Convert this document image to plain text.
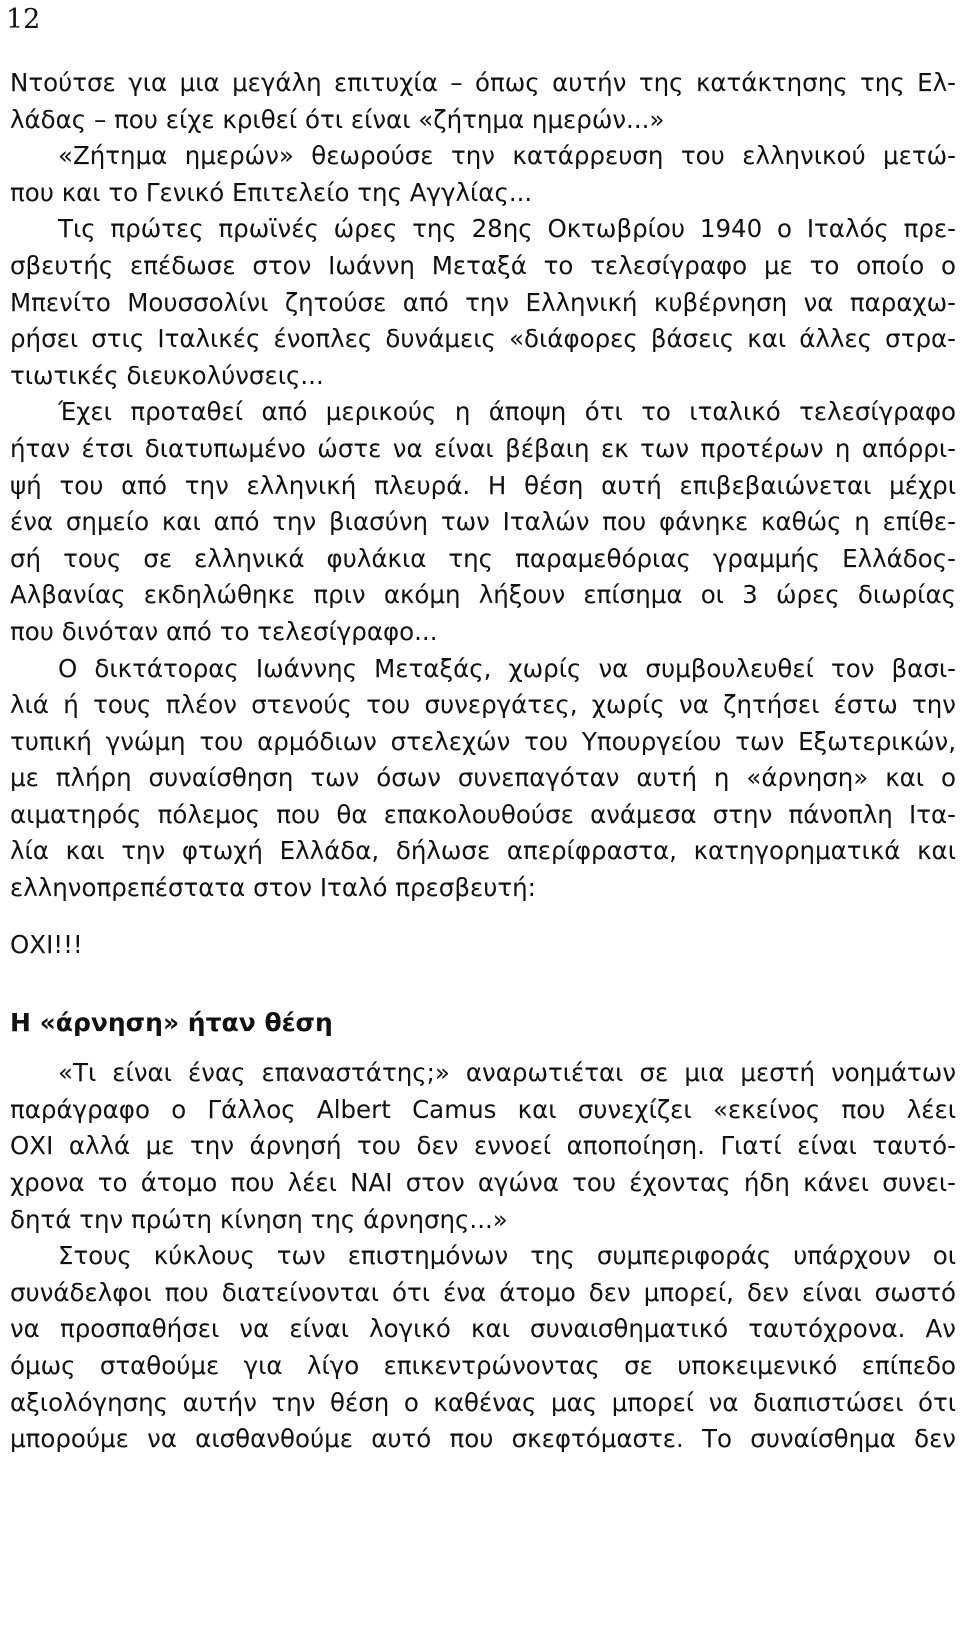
12
Ντούτσε για μια μεγάλη επιτυχία – όπως αυτήν της κατάκτησης της Ελ-
λάδας – που είχε κριθεί ότι είναι «ζήτημα ημερών...»
«Ζήτημα ημερών» θεωρούσε την κατάρρευση του ελληνικού μετώ-
που και το Γενικό Επιτελείο της Αγγλίας...
Τις πρώτες πρωϊνές ώρες της 28ης Οκτωβρίου 1940 ο Ιταλός πρε-
σβευτής επέδωσε στον Ιωάννη Μεταξά το τελεσίγραφο με το οποίο ο
Μπενίτο Μουσσολίνι ζητούσε από την Ελληνική κυβέρνηση να παραχω-
ρήσει στις Ιταλικές ένοπλες δυνάμεις «διάφορες βάσεις και άλλες στρα-
τιωτικές διευκολύνσεις...
Έχει προταθεί από μερικούς η άποψη ότι το ιταλικό τελεσίγραφο
ήταν έτσι διατυπωμένο ώστε να είναι βέβαιη εκ των προτέρων η απόρρι-
ψή του από την ελληνική πλευρά. Η θέση αυτή επιβεβαιώνεται μέχρι
ένα σημείο και από την βιασύνη των Ιταλών που φάνηκε καθώς η επίθε-
σή τους σε ελληνικά φυλάκια της παραμεθόριας γραμμής Ελλάδος-
Αλβανίας εκδηλώθηκε πριν ακόμη λήξουν επίσημα οι 3 ώρες διωρίας
που δινόταν από το τελεσίγραφο...
Ο δικτάτορας Ιωάννης Μεταξάς, χωρίς να συμβουλευθεί τον βασι-
λιά ή τους πλέον στενούς του συνεργάτες, χωρίς να ζητήσει έστω την
τυπική γνώμη του αρμόδιων στελεχών του Υπουργείου των Εξωτερικών,
με πλήρη συναίσθηση των όσων συνεπαγόταν αυτή η «άρνηση» και ο
αιματηρός πόλεμος που θα επακολουθούσε ανάμεσα στην πάνοπλη Ιτα-
λία και την φτωχή Ελλάδα, δήλωσε απερίφραστα, κατηγορηματικά και
ελληνοπρεπέστατα στον Ιταλό πρεσβευτή:
ΟΧΙ!!!
Η «άρνηση» ήταν θέση
«Τι είναι ένας επαναστάτης;» αναρωτιέται σε μια μεστή νοημάτων
παράγραφο ο Γάλλος Albert Camus και συνεχίζει «εκείνος που λέει
ΟΧΙ αλλά με την άρνησή του δεν εννοεί αποποίηση. Γιατί είναι ταυτό-
χρονα το άτομο που λέει ΝΑΙ στον αγώνα του έχοντας ήδη κάνει συνει-
δητά την πρώτη κίνηση της άρνησης...»
Στους κύκλους των επιστημόνων της συμπεριφοράς υπάρχουν οι
συνάδελφοι που διατείνονται ότι ένα άτομο δεν μπορεί, δεν είναι σωστό
να προσπαθήσει να είναι λογικό και συναισθηματικό ταυτόχρονα. Αν
όμως σταθούμε για λίγο επικεντρώνοντας σε υποκειμενικό επίπεδο
αξιολόγησης αυτήν την θέση ο καθένας μας μπορεί να διαπιστώσει ότι
μπορούμε να αισθανθούμε αυτό που σκεφτόμαστε. Το συναίσθημα δεν
